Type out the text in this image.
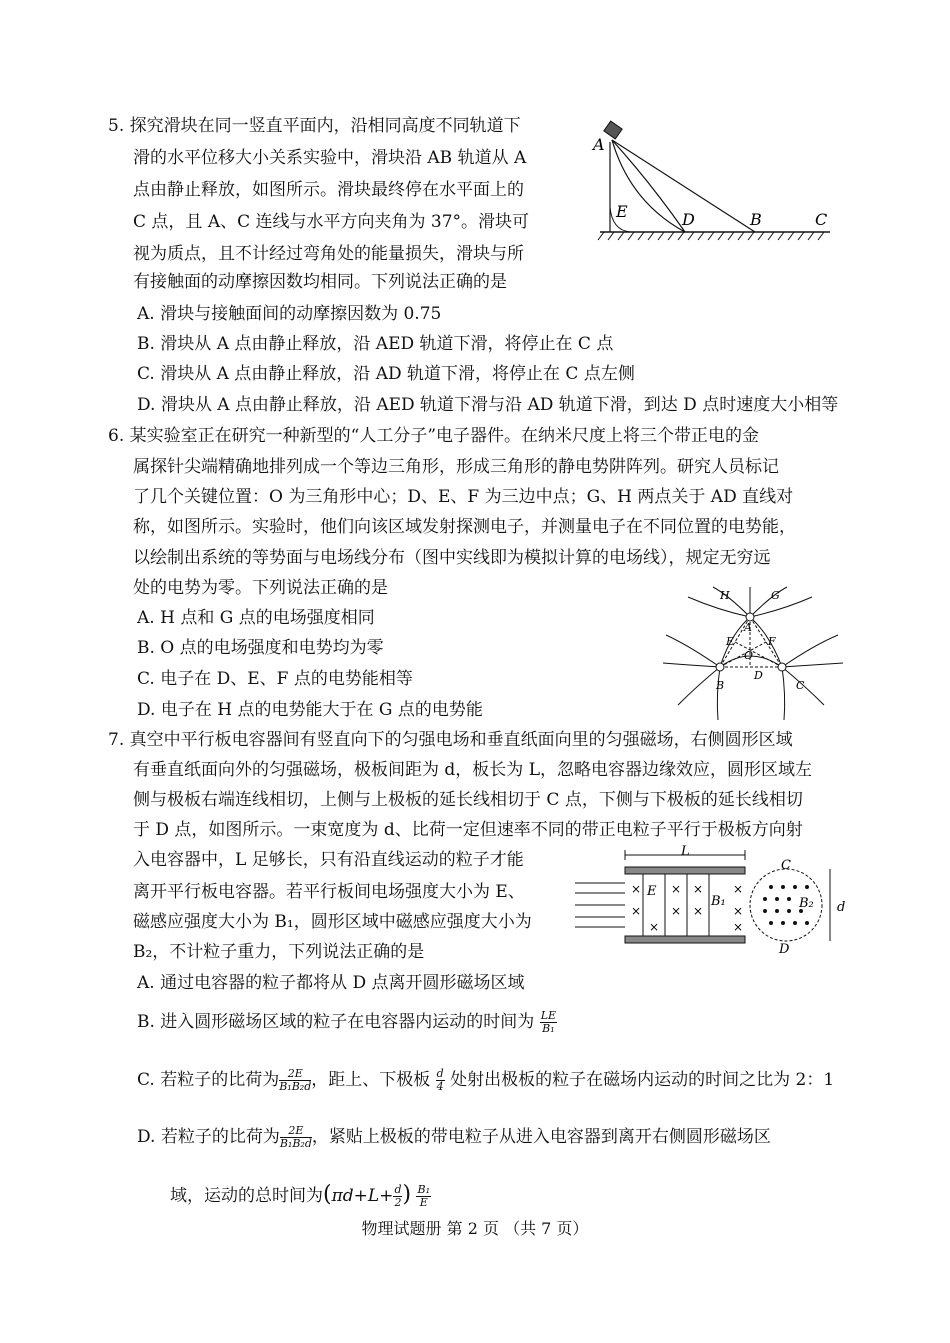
5. 探究滑块在同一竖直平面内，沿相同高度不同轨道下
滑的水平位移大小关系实验中，滑块沿 AB 轨道从 A
点由静止释放，如图所示。滑块最终停在水平面上的
C 点，且 A、C 连线与水平方向夹角为 37°。滑块可
视为质点，且不计经过弯角处的能量损失，滑块与所
有接触面的动摩擦因数均相同。下列说法正确的是
A. 滑块与接触面间的动摩擦因数为 0.75
B. 滑块从 A 点由静止释放，沿 AED 轨道下滑，将停止在 C 点
C. 滑块从 A 点由静止释放，沿 AD 轨道下滑，将停止在 C 点左侧
D. 滑块从 A 点由静止释放，沿 AED 轨道下滑与沿 AD 轨道下滑，到达 D 点时速度大小相等
A
E	D	B	C
6. 某实验室正在研究一种新型的“人工分子”电子器件。在纳米尺度上将三个带正电的金
属探针尖端精确地排列成一个等边三角形，形成三角形的静电势阱阵列。研究人员标记
了几个关键位置：O 为三角形中心；D、E、F 为三边中点；G、H 两点关于 AD 直线对
称，如图所示。实验时，他们向该区域发射探测电子，并测量电子在不同位置的电势能，
以绘制出系统的等势面与电场线分布（图中实线即为模拟计算的电场线），规定无穷远
处的电势为零。下列说法正确的是
A. H 点和 G 点的电场强度相同
B. O 点的电场强度和电势均为零
C. 电子在 D、E、F 点的电势能相等
D. 电子在 H 点的电势能大于在 G 点的电势能
H	G
A
E	F
O
D
B	C
7. 真空中平行板电容器间有竖直向下的匀强电场和垂直纸面向里的匀强磁场，右侧圆形区域
有垂直纸面向外的匀强磁场，极板间距为 d，板长为 L，忽略电容器边缘效应，圆形区域左
侧与极板右端连线相切，上侧与上极板的延长线相切于 C 点，下侧与下极板的延长线相切
于 D 点，如图所示。一束宽度为 d、比荷一定但速率不同的带正电粒子平行于极板方向射
入电容器中，L 足够长，只有沿直线运动的粒子才能
离开平行板电容器。若平行板间电场强度大小为 E、
磁感应强度大小为 B₁，圆形区域中磁感应强度大小为
B₂，不计粒子重力，下列说法正确的是
A. 通过电容器的粒子都将从 D 点离开圆形磁场区域
B. 进入圆形磁场区域的粒子在电容器内运动的时间为 $\frac{LE}{\text{B₁}}$
C. 若粒子的比荷为 $\frac{2E}{\text{B₁B₂d}}$ ，距上、下极板 $\frac{d}{4}$ 处射出极板的粒子在磁场内运动的时间之比为 2：1
D. 若粒子的比荷为 $\frac{2E}{\text{B₁B₂d}}$ ，紧贴上极板的带电粒子从进入电容器到离开右侧圆形磁场区
域，运动的总时间为($\pi d+L+ \frac{d}{2}$ ) $\frac{\text{B₁}}{E}$
L
× × × ×
× × × ×
×	×
E
B₁	B₂
C
D
d
物理试题册 第 2 页 （共 7 页）
